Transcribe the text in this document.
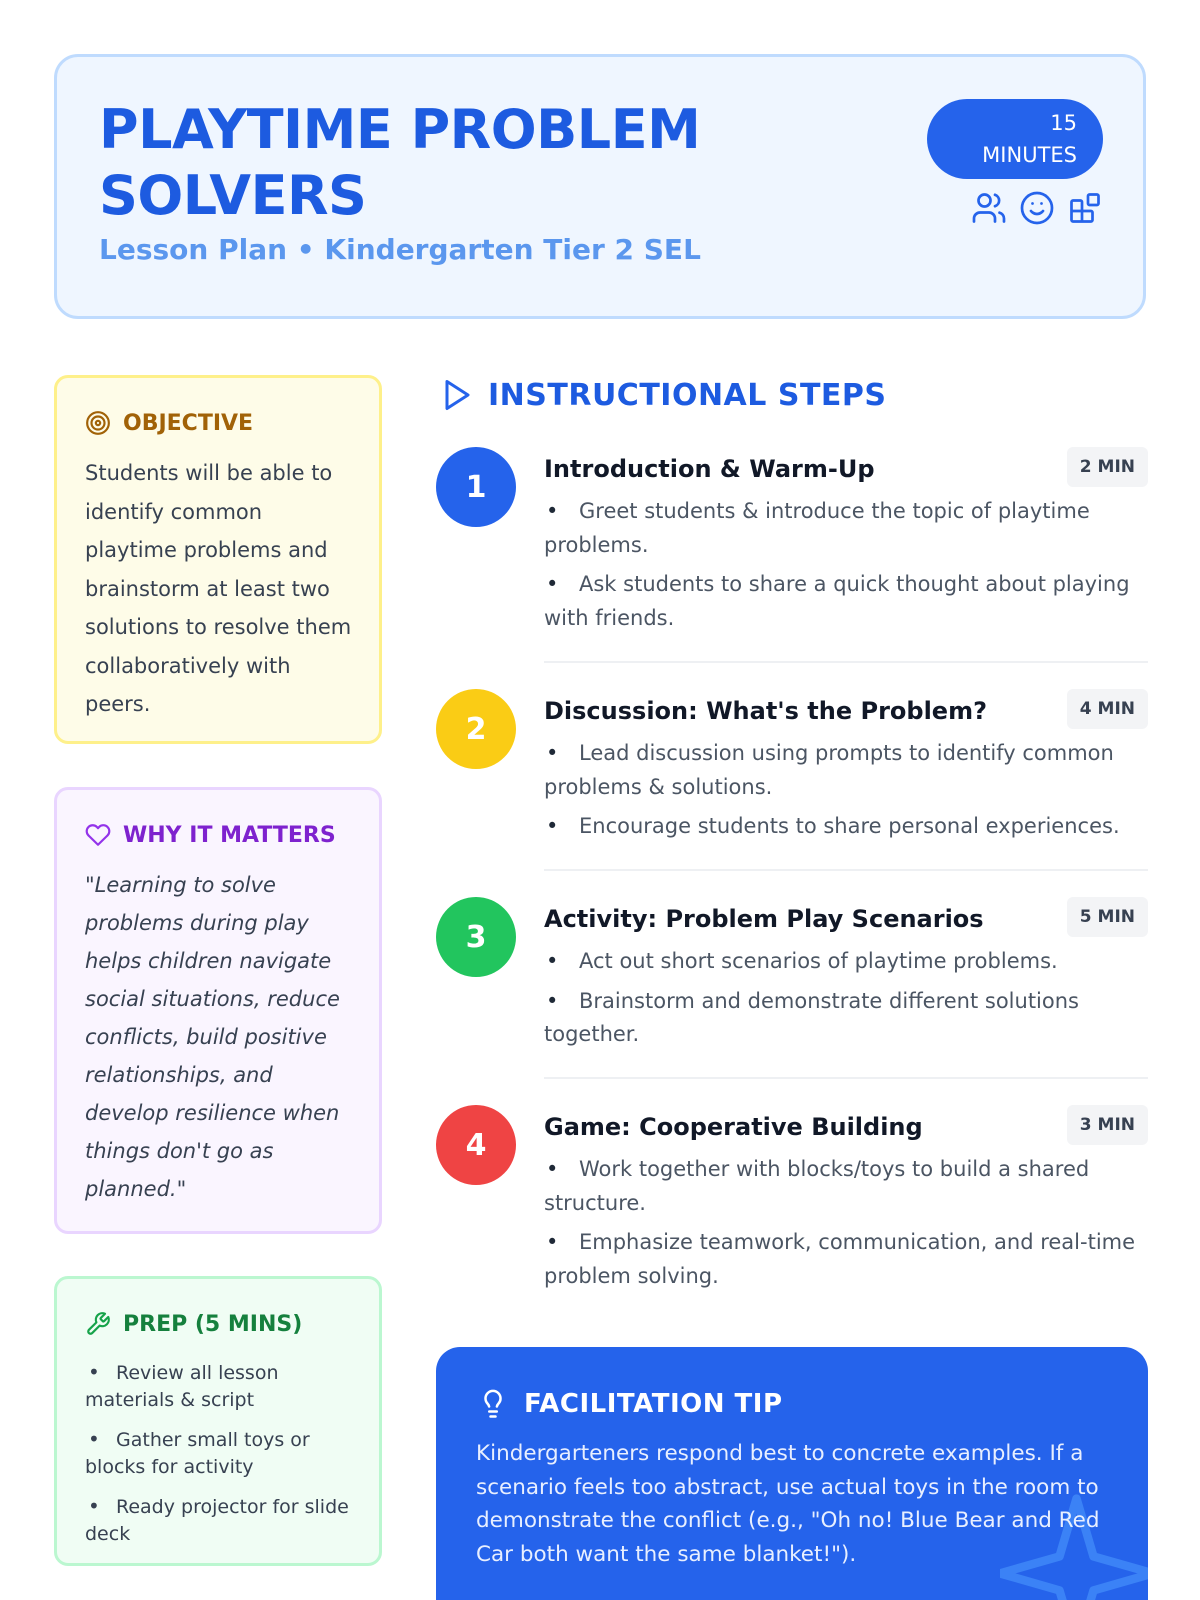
PLAYTIME PROBLEM SOLVERS
Lesson Plan • Kindergarten Tier 2 SEL
15
MINUTES
OBJECTIVE

Students will be able to identify common playtime problems and brainstorm at least two solutions to resolve them collaboratively with peers.

WHY IT MATTERS

"Learning to solve problems during play helps children navigate social situations, reduce conflicts, build positive relationships, and develop resilience when things don't go as planned."

PREP (5 MINS)
• Review all lesson materials & script
• Gather small toys or blocks for activity
• Ready projector for slide deck
INSTRUCTIONAL STEPS
1
Introduction & Warm-Up	2 MIN
• Greet students & introduce the topic of playtime problems.
• Ask students to share a quick thought about playing with friends.
2
Discussion: What's the Problem?	4 MIN
• Lead discussion using prompts to identify common problems & solutions.
• Encourage students to share personal experiences.
3
Activity: Problem Play Scenarios	5 MIN
• Act out short scenarios of playtime problems.
• Brainstorm and demonstrate different solutions together.
4
Game: Cooperative Building	3 MIN
• Work together with blocks/toys to build a shared structure.
• Emphasize teamwork, communication, and real-time problem solving.
FACILITATION TIP

Kindergarteners respond best to concrete examples. If a scenario feels too abstract, use actual toys in the room to demonstrate the conflict (e.g., "Oh no! Blue Bear and Red Car both want the same blanket!").
